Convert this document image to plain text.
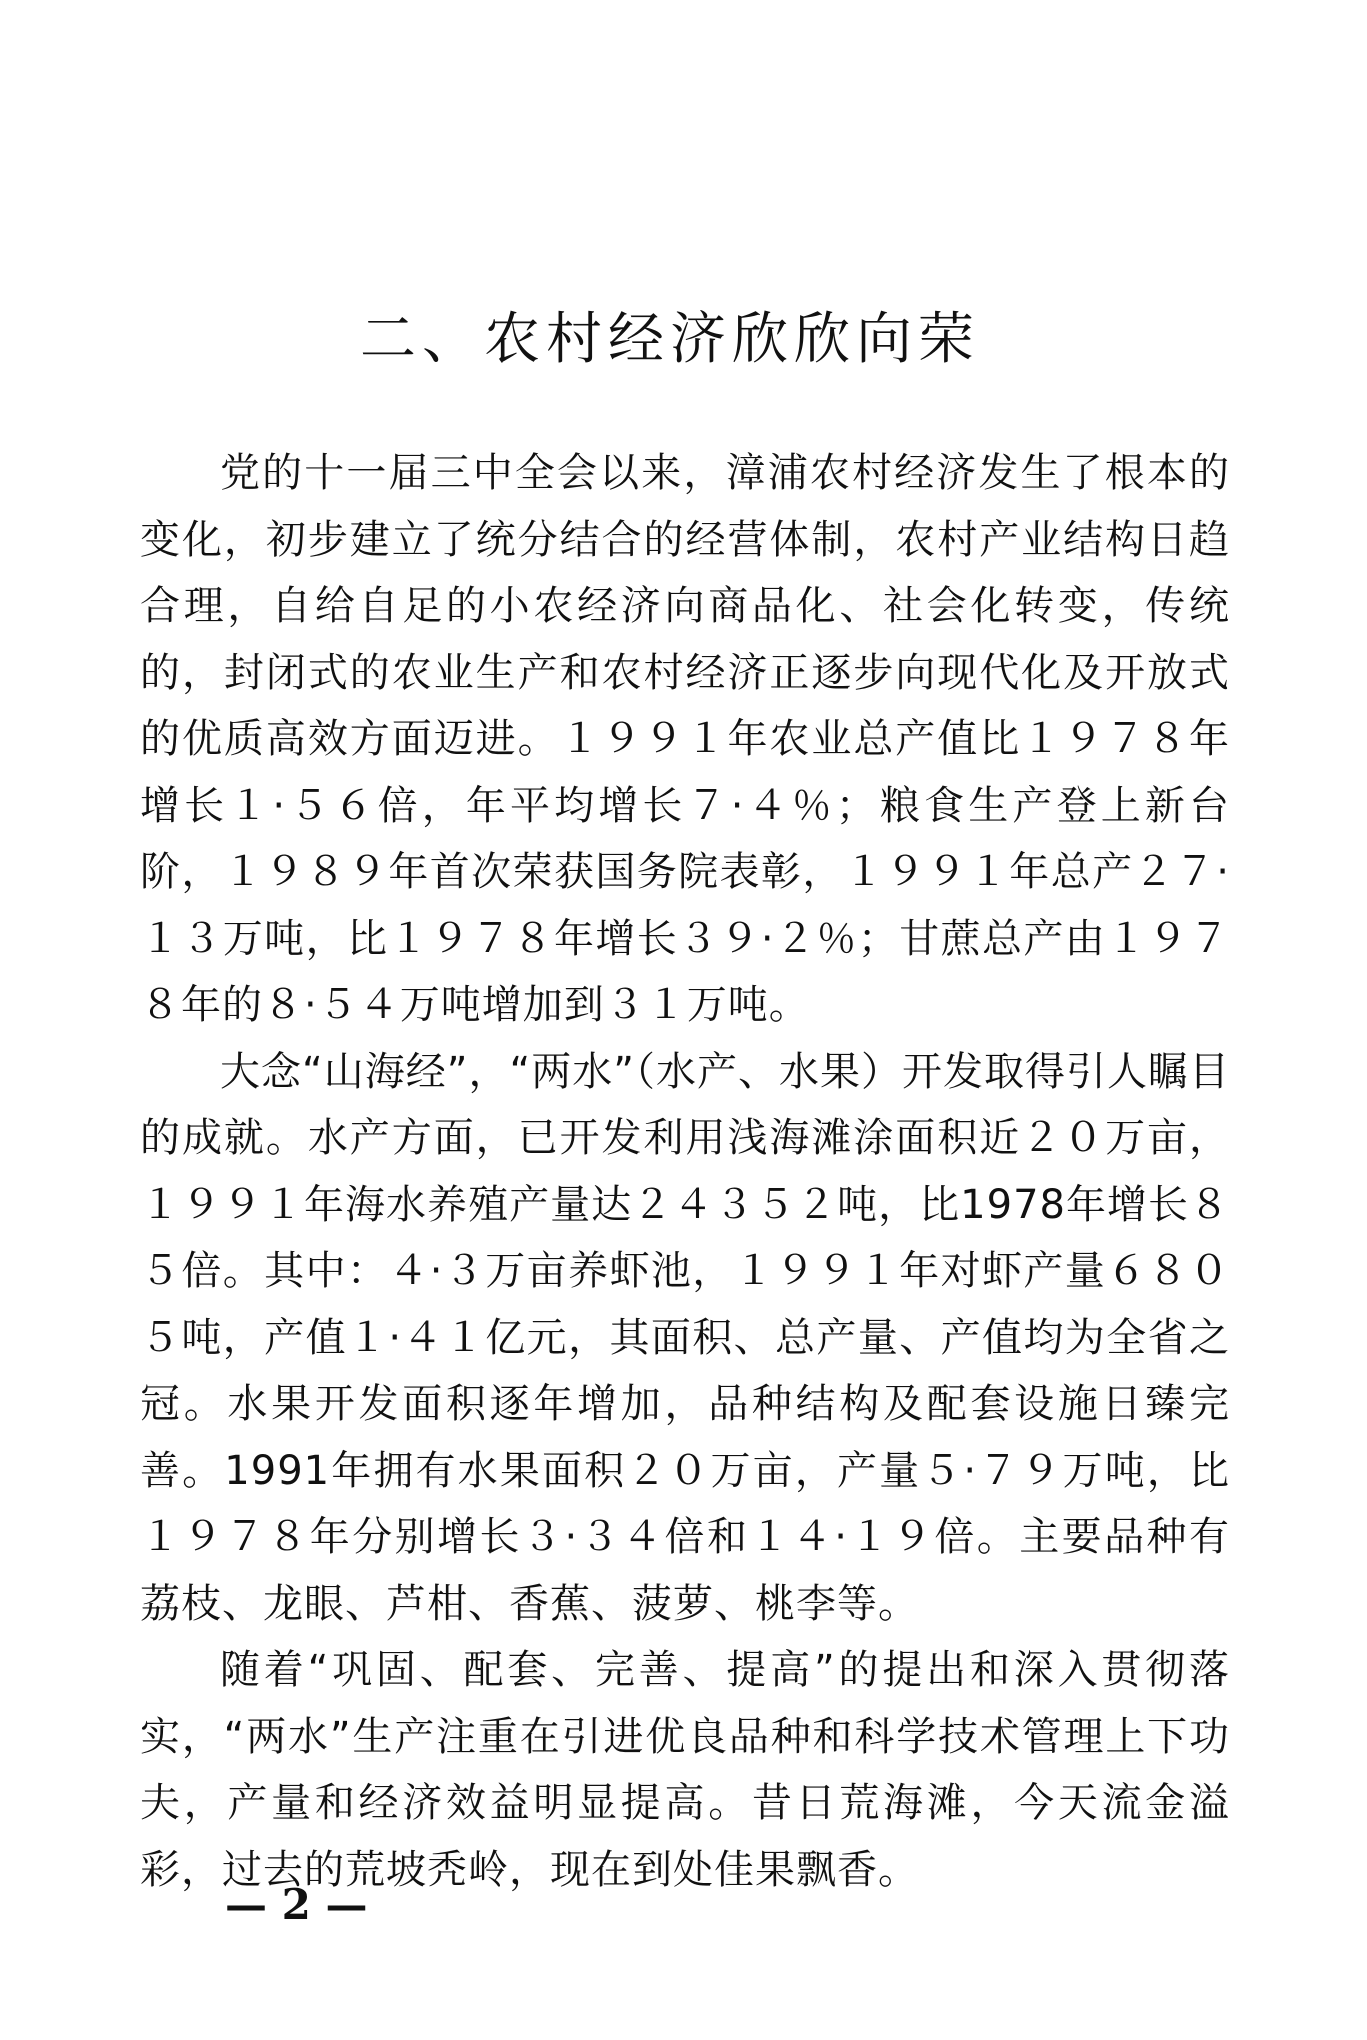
二、农村经济欣欣向荣

党的十一届三中全会以来，漳浦农村经济发生了根本的变化，初步建立了统分结合的经营体制，农村产业结构日趋合理，自给自足的小农经济向商品化、社会化转变，传统的，封闭式的农业生产和农村经济正逐步向现代化及开放式的优质高效方面迈进。１９９１年农业总产值比１９７８年增长１·５６倍，年平均增长７·４％；粮食生产登上新台阶，１９８９年首次荣获国务院表彰，１９９１年总产２７·１３万吨，比１９７８年增长３９·２％；甘蔗总产由１９７８年的８·５４万吨增加到３１万吨。

大念“山海经”，“两水”（水产、水果）开发取得引人瞩目的成就。水产方面，已开发利用浅海滩涂面积近２０万亩，１９９１年海水养殖产量达２４３５２吨，比1978年增长８５倍。其中：４·３万亩养虾池，１９９１年对虾产量６８０５吨，产值１·４１亿元，其面积、总产量、产值均为全省之冠。水果开发面积逐年增加，品种结构及配套设施日臻完善。1991年拥有水果面积２０万亩，产量５·７９万吨，比１９７８年分别增长３·３４倍和１４·１９倍。主要品种有荔枝、龙眼、芦柑、香蕉、菠萝、桃李等。

随着“巩固、配套、完善、提高”的提出和深入贯彻落实，“两水”生产注重在引进优良品种和科学技术管理上下功夫，产量和经济效益明显提高。昔日荒海滩，今天流金溢彩，过去的荒坡秃岭，现在到处佳果飘香。

— 2 —
